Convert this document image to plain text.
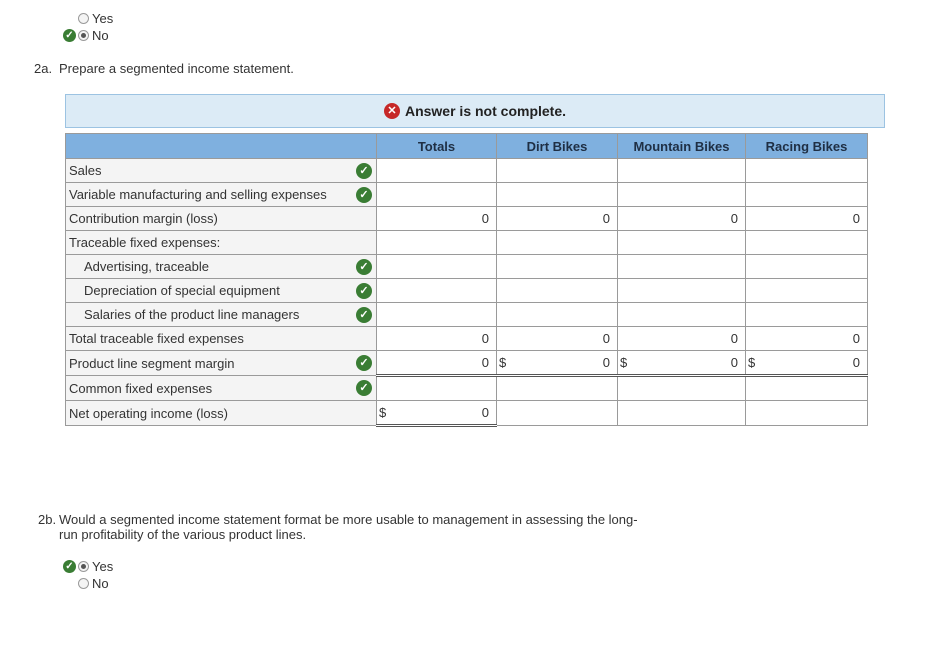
Yes
✓ No
2a. Prepare a segmented income statement.
✕ Answer is not complete.
	Totals	Dirt Bikes	Mountain Bikes	Racing Bikes
Sales ✓				

Variable manufacturing and selling expenses ✓				

Contribution margin (loss)	0	0	0	0
Traceable fixed expenses:				
Advertising, traceable ✓				

Depreciation of special equipment ✓				

Salaries of the product line managers ✓				

Total traceable fixed expenses	0	0	0	0
Product line segment margin ✓	0	$ 0	$ 0	$ 0
Common fixed expenses ✓				

Net operating income (loss)	$ 0			
2b. Would a segmented income statement format be more usable to management in assessing the long-
run profitability of the various product lines.
✓ Yes
No
